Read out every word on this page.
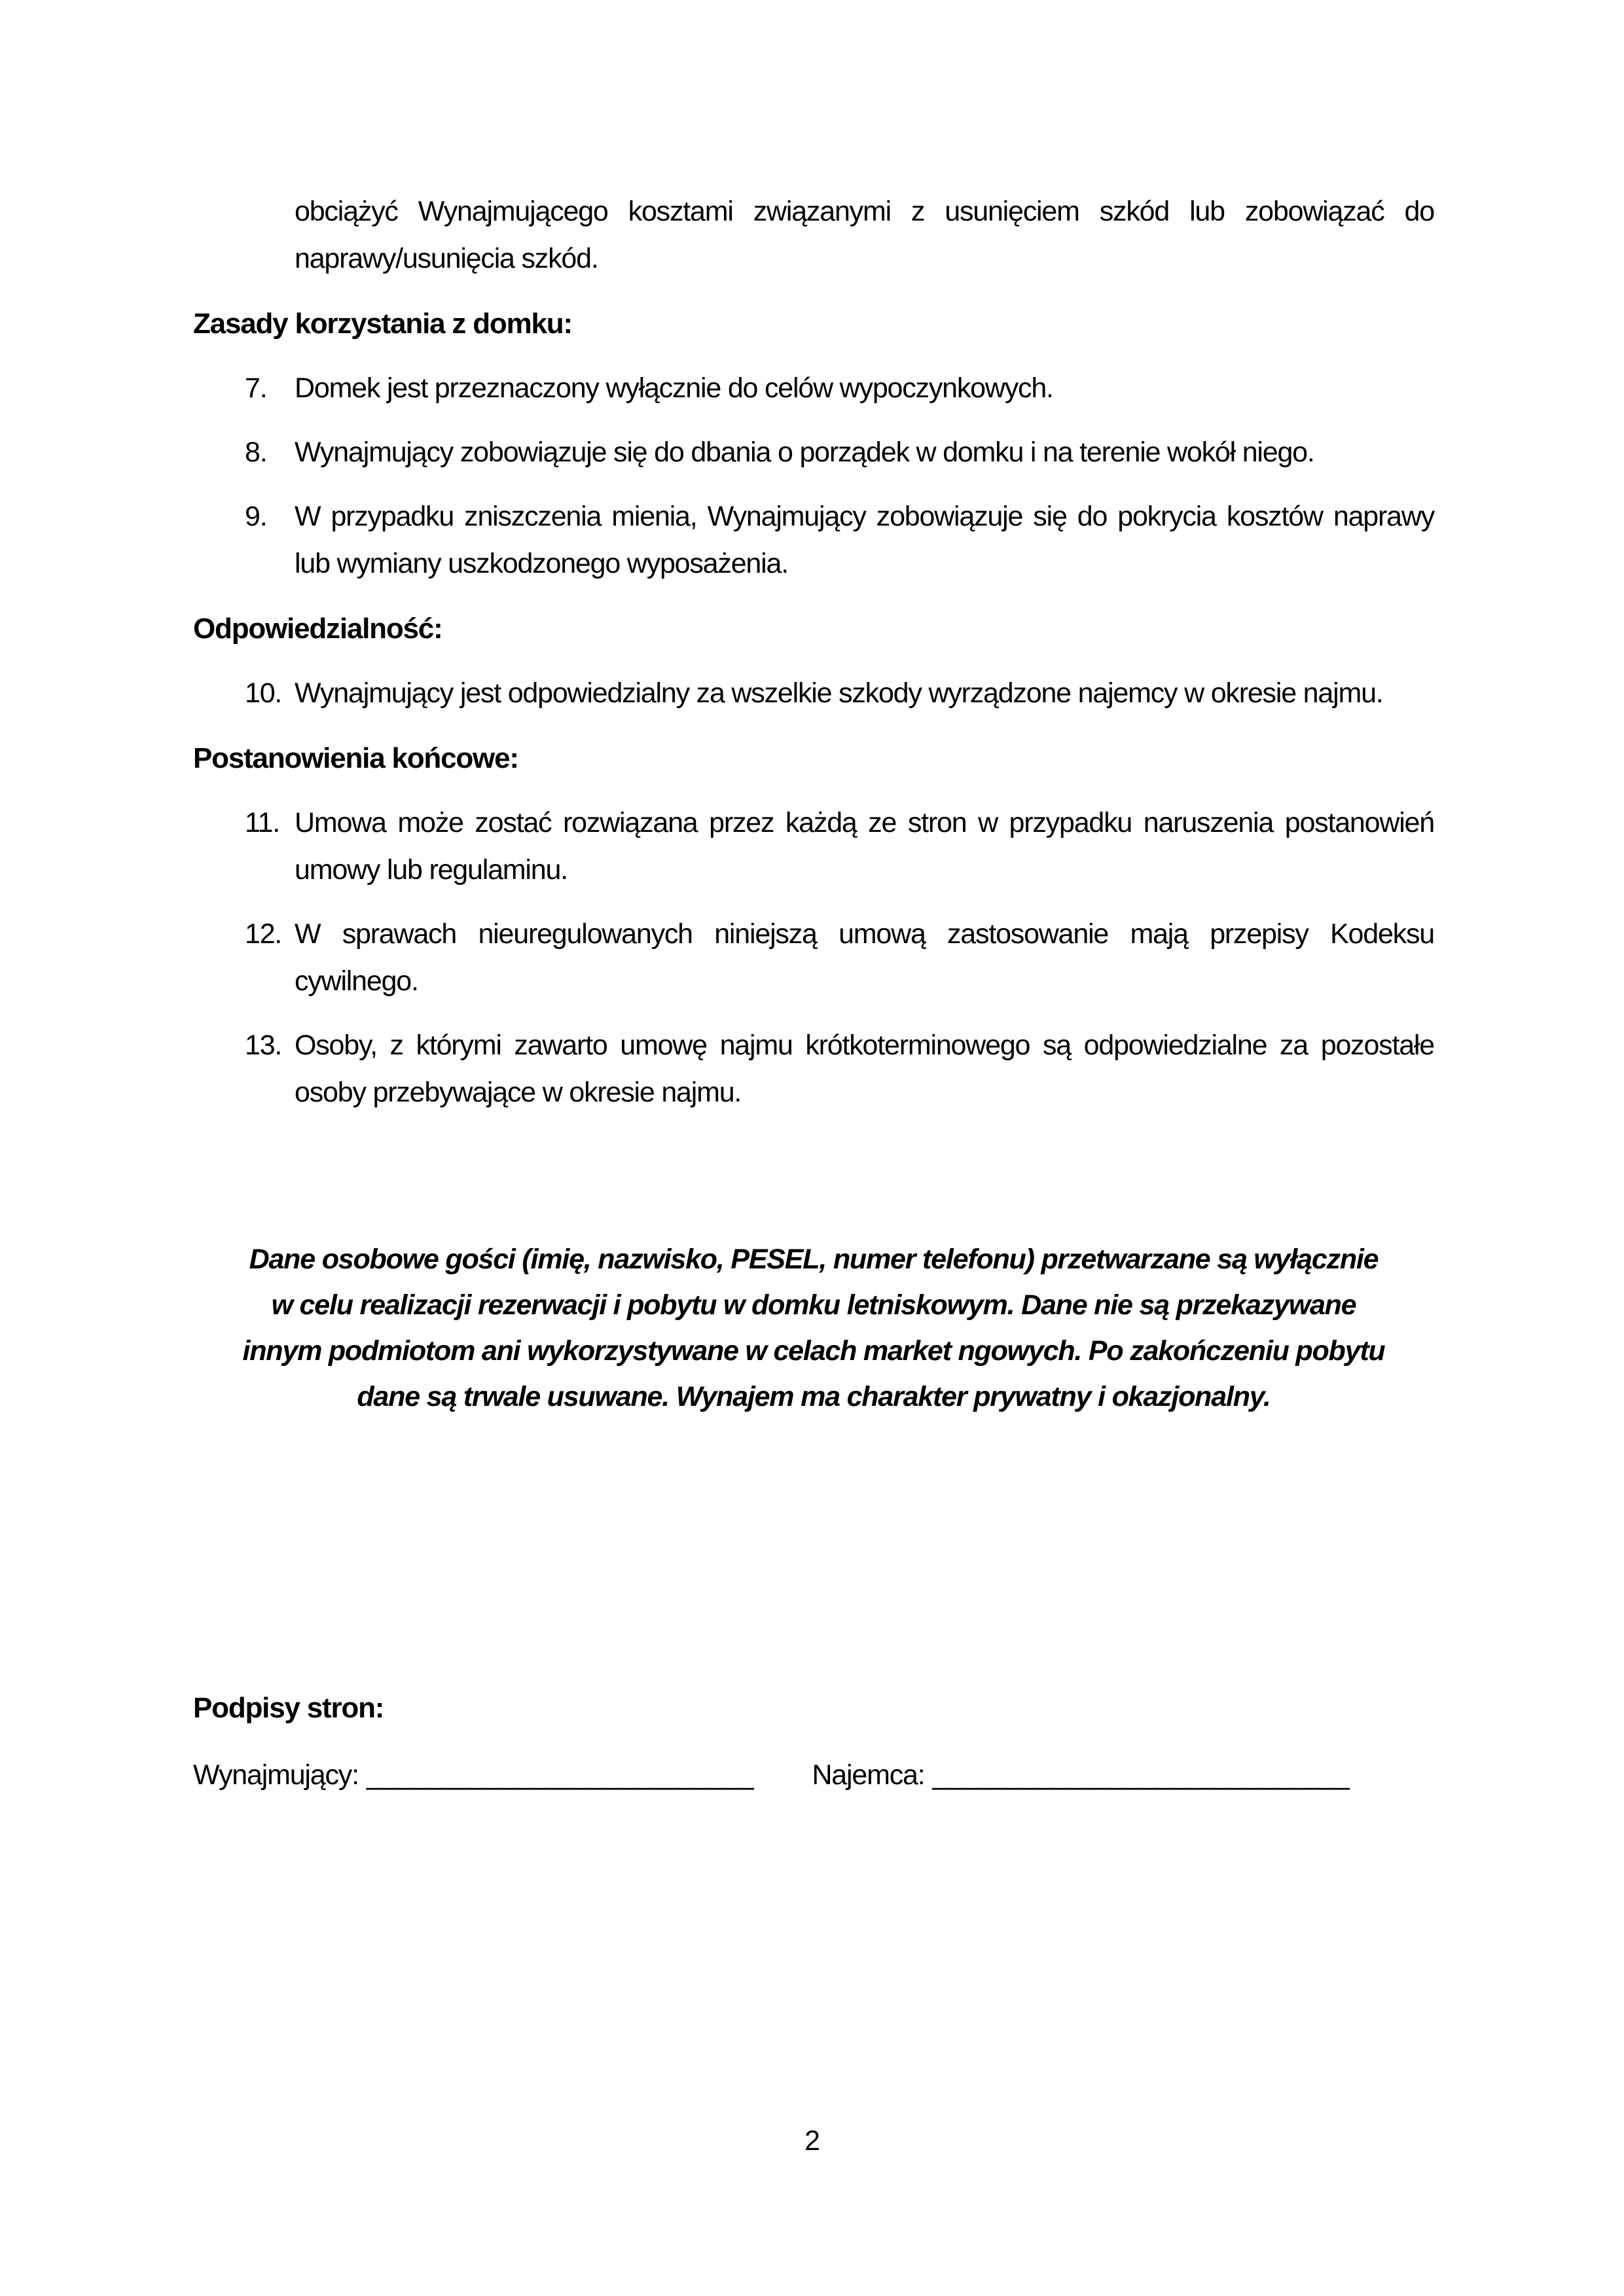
obciążyć Wynajmującego kosztami związanymi z usunięciem szkód lub zobowiązać do naprawy/usunięcia szkód.

Zasady korzystania z domku:
7. Domek jest przeznaczony wyłącznie do celów wypoczynkowych.
8. Wynajmujący zobowiązuje się do dbania o porządek w domku i na terenie wokół niego.
9. W przypadku zniszczenia mienia, Wynajmujący zobowiązuje się do pokrycia kosztów naprawy lub wymiany uszkodzonego wyposażenia.
Odpowiedzialność:
10. Wynajmujący jest odpowiedzialny za wszelkie szkody wyrządzone najemcy w okresie najmu.
Postanowienia końcowe:
11. Umowa może zostać rozwiązana przez każdą ze stron w przypadku naruszenia postanowień umowy lub regulaminu.
12. W sprawach nieuregulowanych niniejszą umową zastosowanie mają przepisy Kodeksu cywilnego.
13. Osoby, z którymi zawarto umowę najmu krótkoterminowego są odpowiedzialne za pozostałe osoby przebywające w okresie najmu.
Dane osobowe gości (imię, nazwisko, PESEL, numer telefonu) przetwarzane są wyłącznie
w celu realizacji rezerwacji i pobytu w domku letniskowym. Dane nie są przekazywane
innym podmiotom ani wykorzystywane w celach market ngowych. Po zakończeniu pobytu
dane są trwale usuwane. Wynajem ma charakter prywatny i okazjonalny.
Podpisy stron:
Wynajmujący: __________________________ Najemca: ____________________________
2
